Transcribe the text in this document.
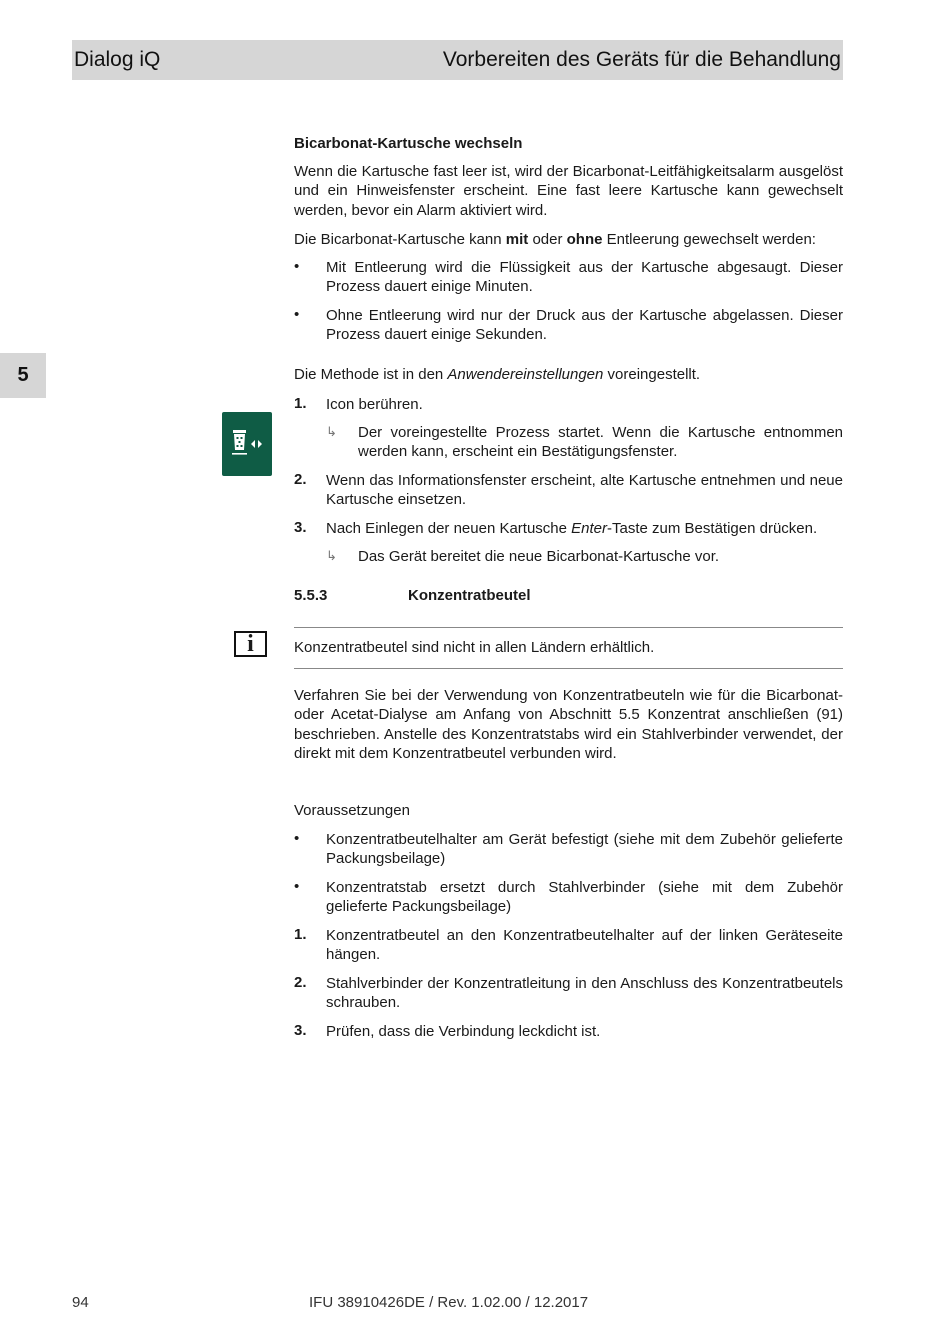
Dialog iQ	Vorbereiten des Geräts für die Behandlung
5
Bicarbonat-Kartusche wechseln
Wenn die Kartusche fast leer ist, wird der Bicarbonat-Leitfähigkeitsalarm ausgelöst und ein Hinweisfenster erscheint. Eine fast leere Kartusche kann gewechselt werden, bevor ein Alarm aktiviert wird.
Die Bicarbonat-Kartusche kann mit oder ohne Entleerung gewechselt werden:
• Mit Entleerung wird die Flüssigkeit aus der Kartusche abgesaugt. Dieser Prozess dauert einige Minuten.
• Ohne Entleerung wird nur der Druck aus der Kartusche abgelassen. Dieser Prozess dauert einige Sekunden.
Die Methode ist in den Anwendereinstellungen voreingestellt.
1. Icon berühren.
↳ Der voreingestellte Prozess startet. Wenn die Kartusche entnommen werden kann, erscheint ein Bestätigungsfenster.
2. Wenn das Informationsfenster erscheint, alte Kartusche entnehmen und neue Kartusche einsetzen.
3. Nach Einlegen der neuen Kartusche Enter-Taste zum Bestätigen drücken.
↳ Das Gerät bereitet die neue Bicarbonat-Kartusche vor.
5.5.3	Konzentratbeutel
i	Konzentratbeutel sind nicht in allen Ländern erhältlich.
Verfahren Sie bei der Verwendung von Konzentratbeuteln wie für die Bicarbonat- oder Acetat-Dialyse am Anfang von Abschnitt 5.5 Konzentrat anschließen (91) beschrieben. Anstelle des Konzentratstabs wird ein Stahlverbinder verwendet, der direkt mit dem Konzentratbeutel verbunden wird.
Voraussetzungen
• Konzentratbeutelhalter am Gerät befestigt (siehe mit dem Zubehör gelieferte Packungsbeilage)
• Konzentratstab ersetzt durch Stahlverbinder (siehe mit dem Zubehör gelieferte Packungsbeilage)
1. Konzentratbeutel an den Konzentratbeutelhalter auf der linken Geräteseite hängen.
2. Stahlverbinder der Konzentratleitung in den Anschluss des Konzentratbeutels schrauben.
3. Prüfen, dass die Verbindung leckdicht ist.
94	IFU 38910426DE / Rev. 1.02.00 / 12.2017
